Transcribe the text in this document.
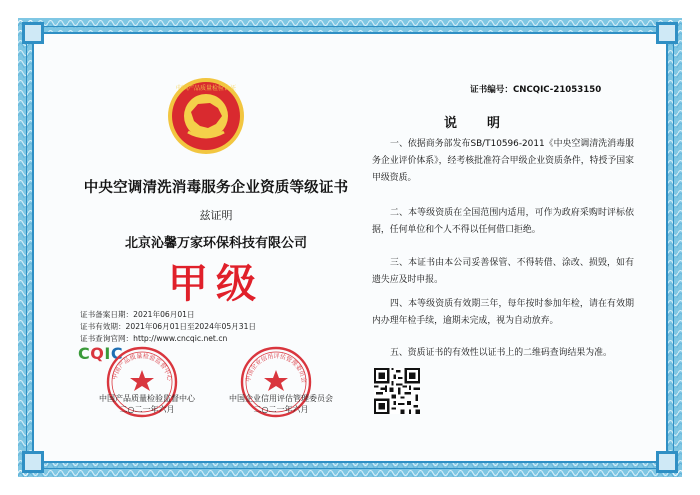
中国产品质量检验认证
中央空调清洗消毒服务企业资质等级证书
兹证明
北京沁馨万家环保科技有限公司
甲级
证书备案日期：2021年06月01日
证书有效期：2021年06月01日至2024年05月31日
证书查询官网：http://www.cncqic.net.cn
CQIC
中国产品质量检验监督中心	中国企业信用评估管理委员会
中国产品质量检验监督中心
二○二一年六月
中国企业信用评估管理委员会
二○二一年六月
证书编号：CNCQIC-21053150
说明
一、依据商务部发布SB/T10596-2011《中央空调清洗消毒服务企业评价体系》，经考核批准符合甲级企业资质条件，特授予国家甲级资质。
二、本等级资质在全国范围内适用，可作为政府采购时评标依据，任何单位和个人不得以任何借口拒绝。
三、本证书由本公司妥善保管、不得转借、涂改、损毁，如有遗失应及时申报。
四、本等级资质有效期三年，每年按时参加年检，请在有效期内办理年检手续，逾期未完成，视为自动放弃。
五、资质证书的有效性以证书上的二维码查询结果为准。
